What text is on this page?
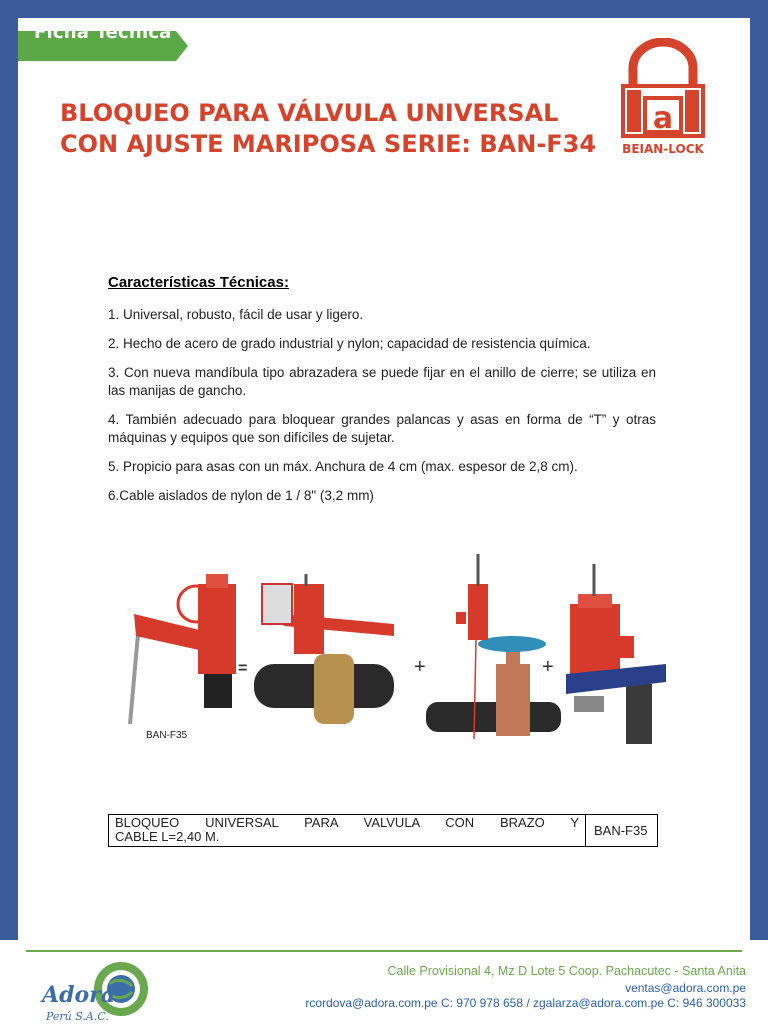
Ficha Técnica
BLOQUEO PARA VÁLVULA UNIVERSAL
CON AJUSTE MARIPOSA SERIE: BAN-F34
a
BEIAN-LOCK
Características Técnicas:

1. Universal, robusto, fácil de usar y ligero.

2. Hecho de acero de grado industrial y nylon; capacidad de resistencia química.

3. Con nueva mandíbula tipo abrazadera se puede fijar en el anillo de cierre; se utiliza en las manijas de gancho.

4. También adecuado para bloquear grandes palancas y asas en forma de “T” y otras máquinas y equipos que son difíciles de sujetar.

5. Propicio para asas con un máx. Anchura de 4 cm (max. espesor de 2,8 cm).

6.Cable aislados de nylon de 1 / 8" (3,2 mm)

=	+	+
BAN-F35
BLOQUEO UNIVERSAL PARA VALVULA CON BRAZO Y
CABLE L=2,40 M.	BAN-F35
Adora
Perú S.A.C.
Calle Provisional 4, Mz D Lote 5 Coop. Pachacutec - Santa Anita
ventas@adora.com.pe
rcordova@adora.com.pe C: 970 978 658 / zgalarza@adora.com.pe C: 946 300033
